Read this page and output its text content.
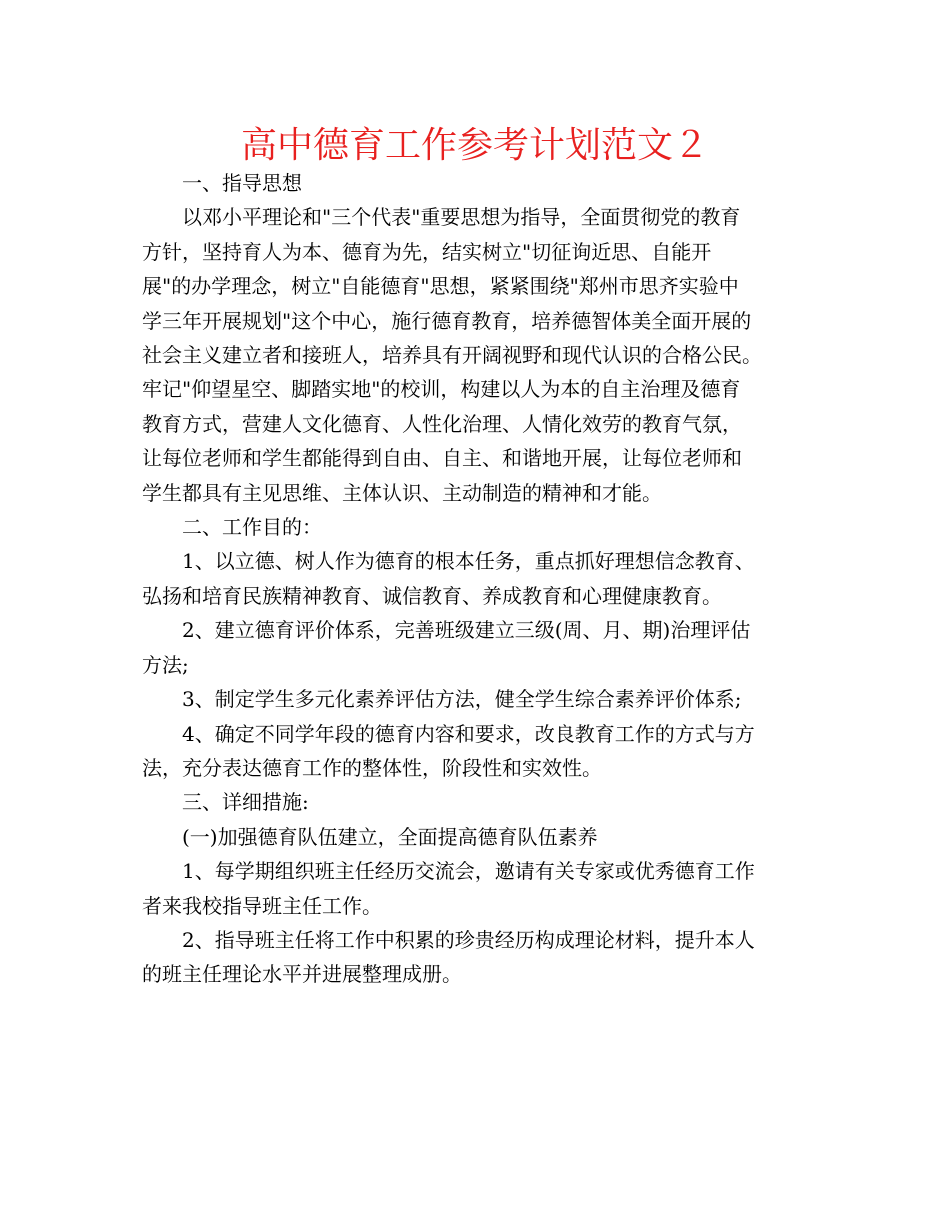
高中德育工作参考计划范文２

一、指导思想

以邓小平理论和"三个代表"重要思想为指导，全面贯彻党的教育
方针，坚持育人为本、德育为先，结实树立"切征询近思、自能开
展"的办学理念，树立"自能德育"思想，紧紧围绕"郑州市思齐实验中
学三年开展规划"这个中心，施行德育教育，培养德智体美全面开展的
社会主义建立者和接班人，培养具有开阔视野和现代认识的合格公民。
牢记"仰望星空、脚踏实地"的校训，构建以人为本的自主治理及德育
教育方式，营建人文化德育、人性化治理、人情化效劳的教育气氛，
让每位老师和学生都能得到自由、自主、和谐地开展，让每位老师和
学生都具有主见思维、主体认识、主动制造的精神和才能。

二、工作目的：

1、以立德、树人作为德育的根本任务，重点抓好理想信念教育、
弘扬和培育民族精神教育、诚信教育、养成教育和心理健康教育。

2、建立德育评价体系，完善班级建立三级(周、月、期)治理评估
方法;

3、制定学生多元化素养评估方法，健全学生综合素养评价体系;

4、确定不同学年段的德育内容和要求，改良教育工作的方式与方
法，充分表达德育工作的整体性，阶段性和实效性。

三、详细措施:

(一)加强德育队伍建立，全面提高德育队伍素养

1、每学期组织班主任经历交流会，邀请有关专家或优秀德育工作
者来我校指导班主任工作。

2、指导班主任将工作中积累的珍贵经历构成理论材料，提升本人
的班主任理论水平并进展整理成册。
